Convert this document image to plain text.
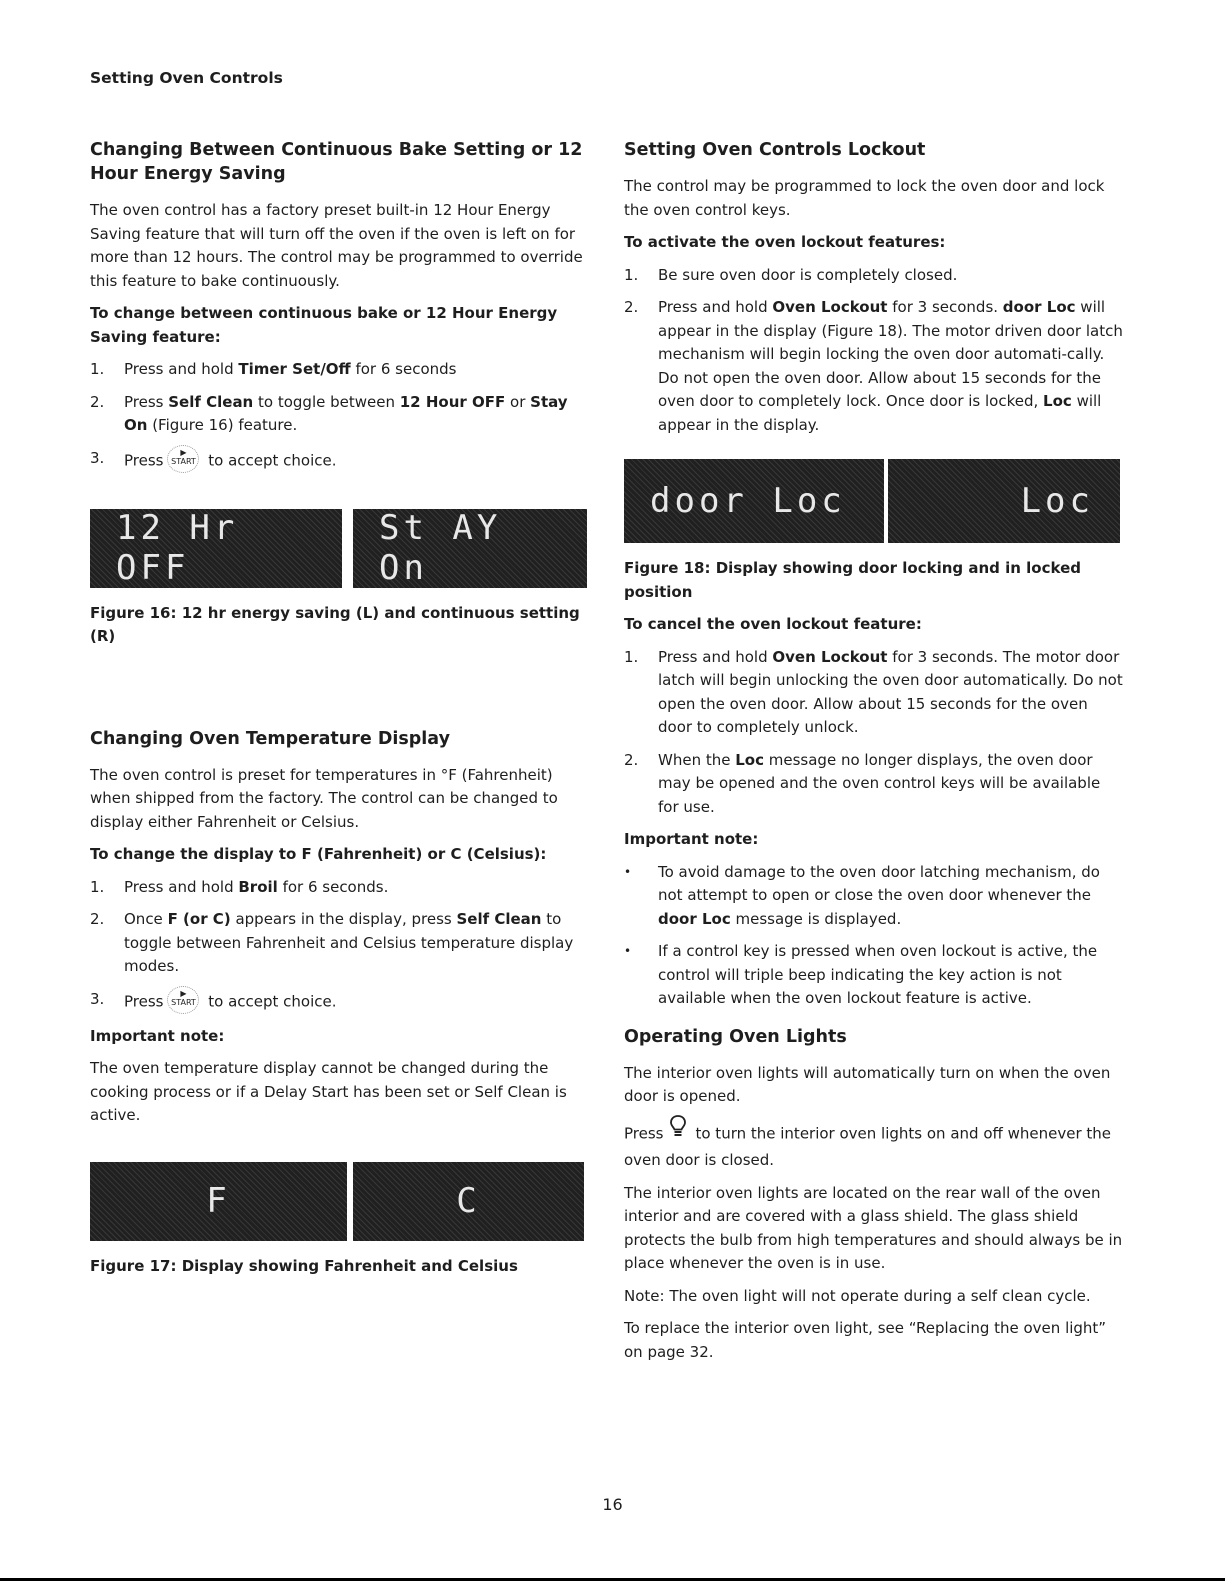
Setting Oven Controls
Changing Between Continuous Bake Setting or 12 Hour Energy Saving

The oven control has a factory preset built-in 12 Hour Energy Saving feature that will turn off the oven if the oven is left on for more than 12 hours. The control may be programmed to override this feature to bake continuously.

To change between continuous bake or 12 Hour Energy Saving feature:
1. Press and hold Timer Set/Off for 6 seconds
2. Press Self Clean to toggle between 12 Hour OFF or Stay On (Figure 16) feature.
3. Press	▶
START to accept choice.
12 Hr OFF
St AY On
Figure 16: 12 hr energy saving (L) and continuous setting (R)
Changing Oven Temperature Display

The oven control is preset for temperatures in °F (Fahrenheit) when shipped from the factory. The control can be changed to display either Fahrenheit or Celsius.

To change the display to F (Fahrenheit) or C (Celsius):
1. Press and hold Broil for 6 seconds.
2. Once F (or C) appears in the display, press Self Clean to toggle between Fahrenheit and Celsius temperature display modes.
3. Press	▶
START to accept choice.
Important note:

The oven temperature display cannot be changed during the cooking process or if a Delay Start has been set or Self Clean is active.

F	C
Figure 17: Display showing Fahrenheit and Celsius
Setting Oven Controls Lockout

The control may be programmed to lock the oven door and lock the oven control keys.

To activate the oven lockout features:
1. Be sure oven door is completely closed.
2. Press and hold Oven Lockout for 3 seconds. door Loc will appear in the display (Figure 18). The motor driven door latch mechanism will begin locking the oven door automati-cally. Do not open the oven door. Allow about 15 seconds for the oven door to completely lock. Once door is locked, Loc will appear in the display.
door Loc	Loc
Figure 18: Display showing door locking and in locked position
To cancel the oven lockout feature:
1. Press and hold Oven Lockout for 3 seconds. The motor door latch will begin unlocking the oven door automatically. Do not open the oven door. Allow about 15 seconds for the oven door to completely unlock.
2. When the Loc message no longer displays, the oven door may be opened and the oven control keys will be available for use.
Important note:
• To avoid damage to the oven door latching mechanism, do not attempt to open or close the oven door whenever the door Loc message is displayed.
• If a control key is pressed when oven lockout is active, the control will triple beep indicating the key action is not available when the oven lockout feature is active.
Operating Oven Lights

The interior oven lights will automatically turn on when the oven door is opened.

Press to turn the interior oven lights on and off whenever the oven door is closed.

The interior oven lights are located on the rear wall of the oven interior and are covered with a glass shield. The glass shield protects the bulb from high temperatures and should always be in place whenever the oven is in use.

Note: The oven light will not operate during a self clean cycle.

To replace the interior oven light, see “Replacing the oven light” on page 32.

16
